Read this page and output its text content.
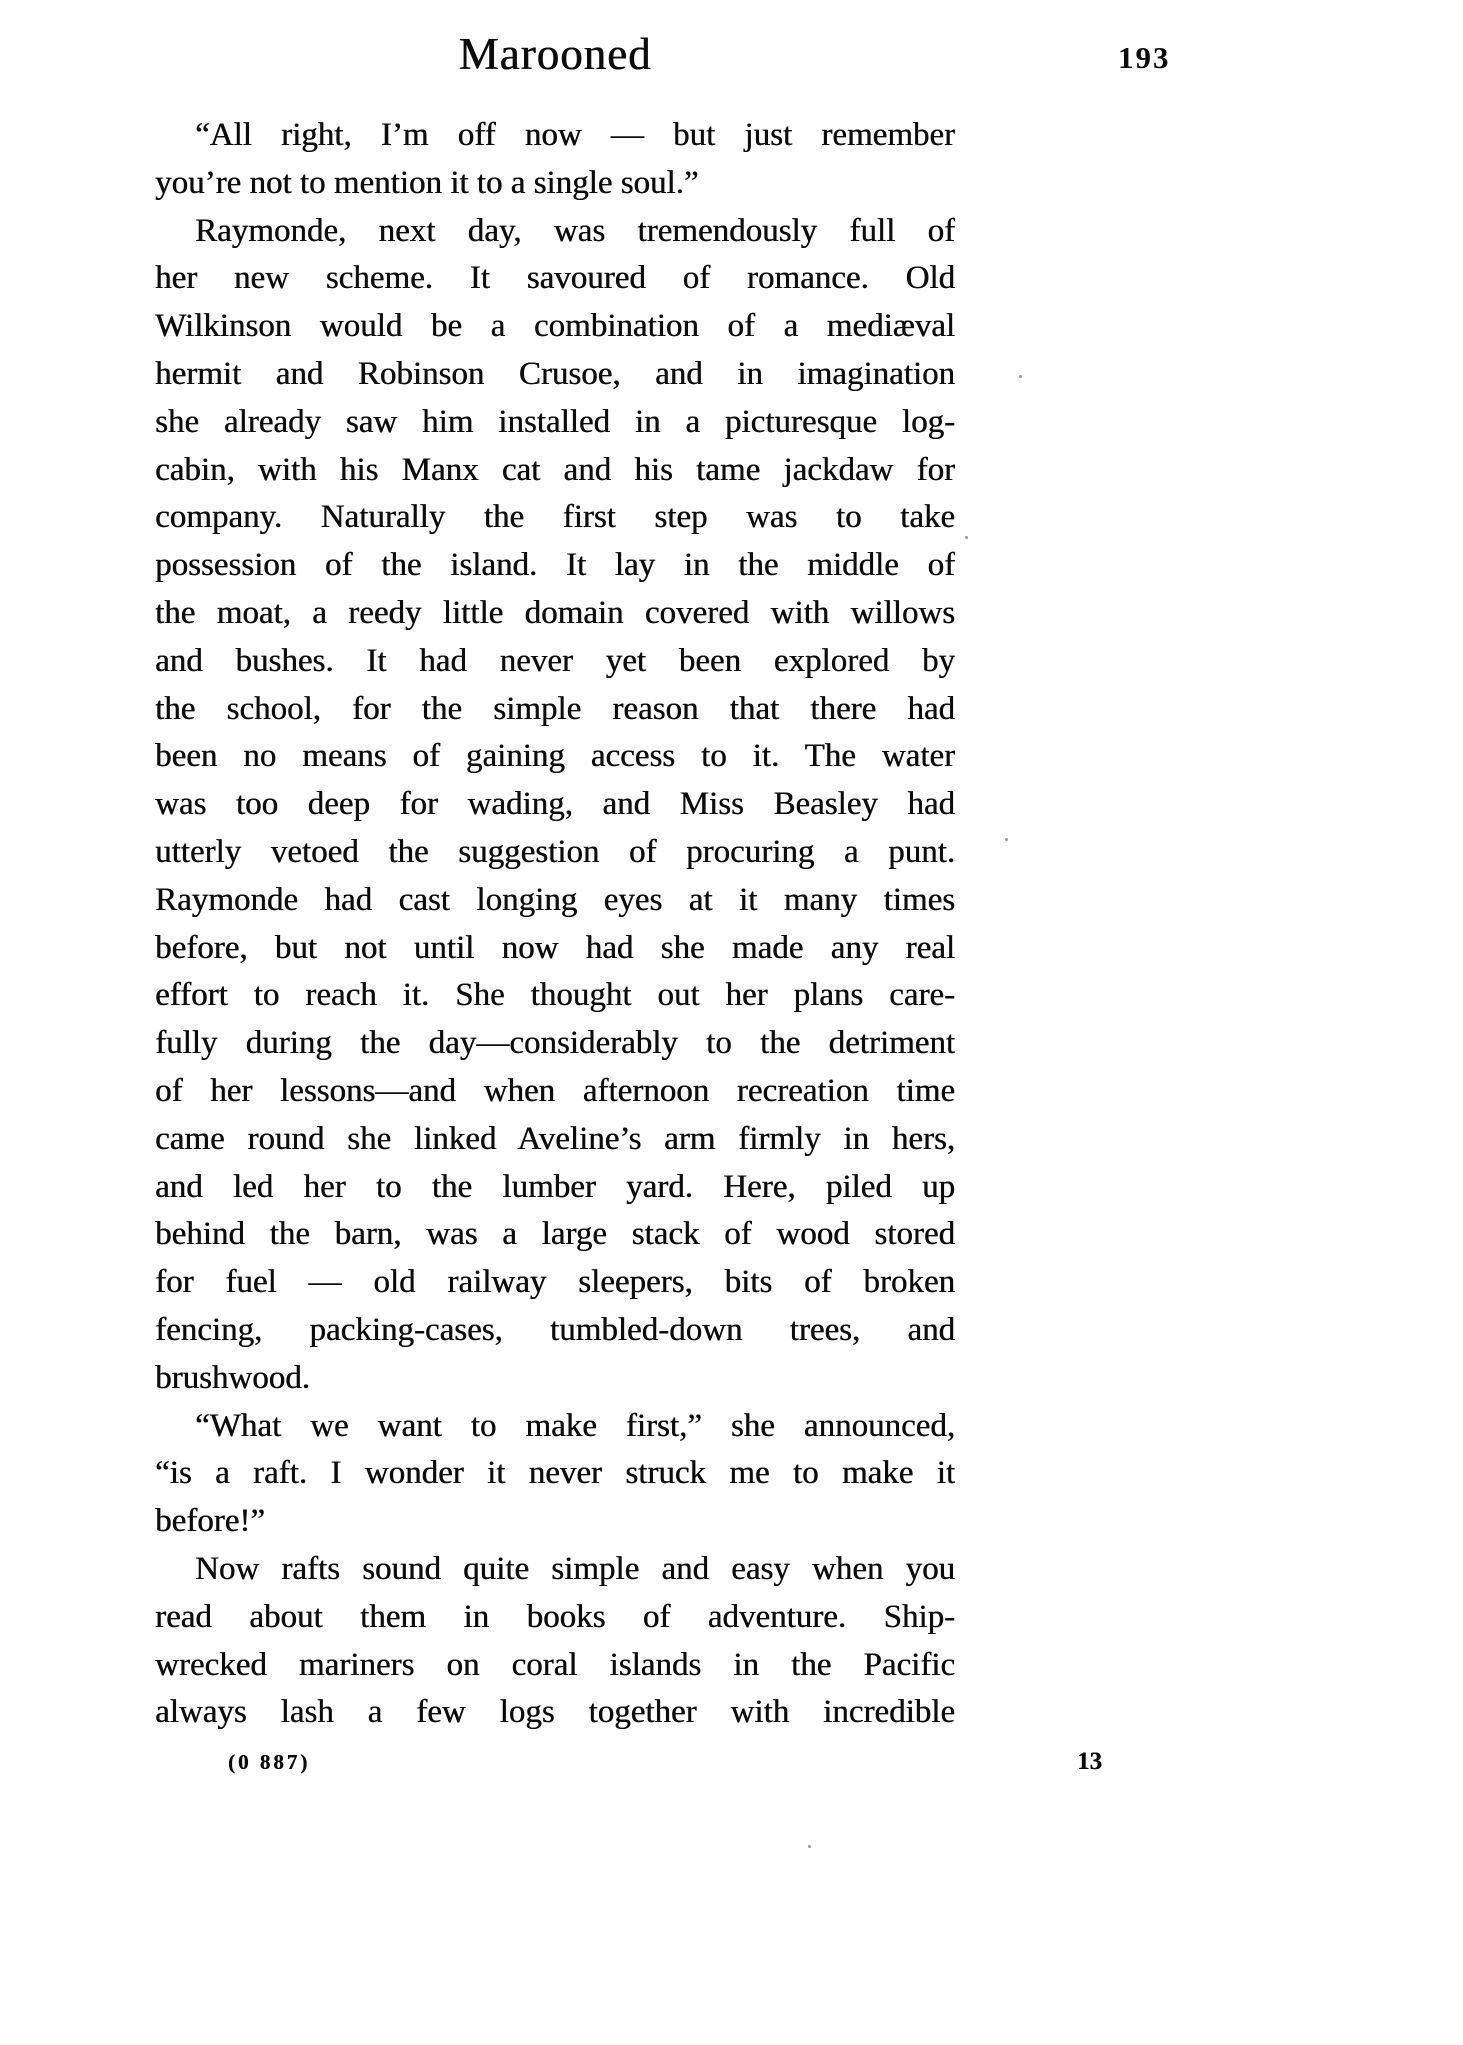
Marooned	193
“All right, I’m off now — but just remember
you’re not to mention it to a single soul.”
Raymonde, next day, was tremendously full of
her new scheme. It savoured of romance. Old
Wilkinson would be a combination of a mediæval
hermit and Robinson Crusoe, and in imagination
she already saw him installed in a picturesque log-
cabin, with his Manx cat and his tame jackdaw for
company. Naturally the first step was to take
possession of the island. It lay in the middle of
the moat, a reedy little domain covered with willows
and bushes. It had never yet been explored by
the school, for the simple reason that there had
been no means of gaining access to it. The water
was too deep for wading, and Miss Beasley had
utterly vetoed the suggestion of procuring a punt.
Raymonde had cast longing eyes at it many times
before, but not until now had she made any real
effort to reach it. She thought out her plans care-
fully during the day—considerably to the detriment
of her lessons—and when afternoon recreation time
came round she linked Aveline’s arm firmly in hers,
and led her to the lumber yard. Here, piled up
behind the barn, was a large stack of wood stored
for fuel — old railway sleepers, bits of broken
fencing, packing-cases, tumbled-down trees, and
brushwood.
“What we want to make first,” she announced,
“is a raft. I wonder it never struck me to make it
before!”
Now rafts sound quite simple and easy when you
read about them in books of adventure. Ship-
wrecked mariners on coral islands in the Pacific
always lash a few logs together with incredible
(0 887)	13
